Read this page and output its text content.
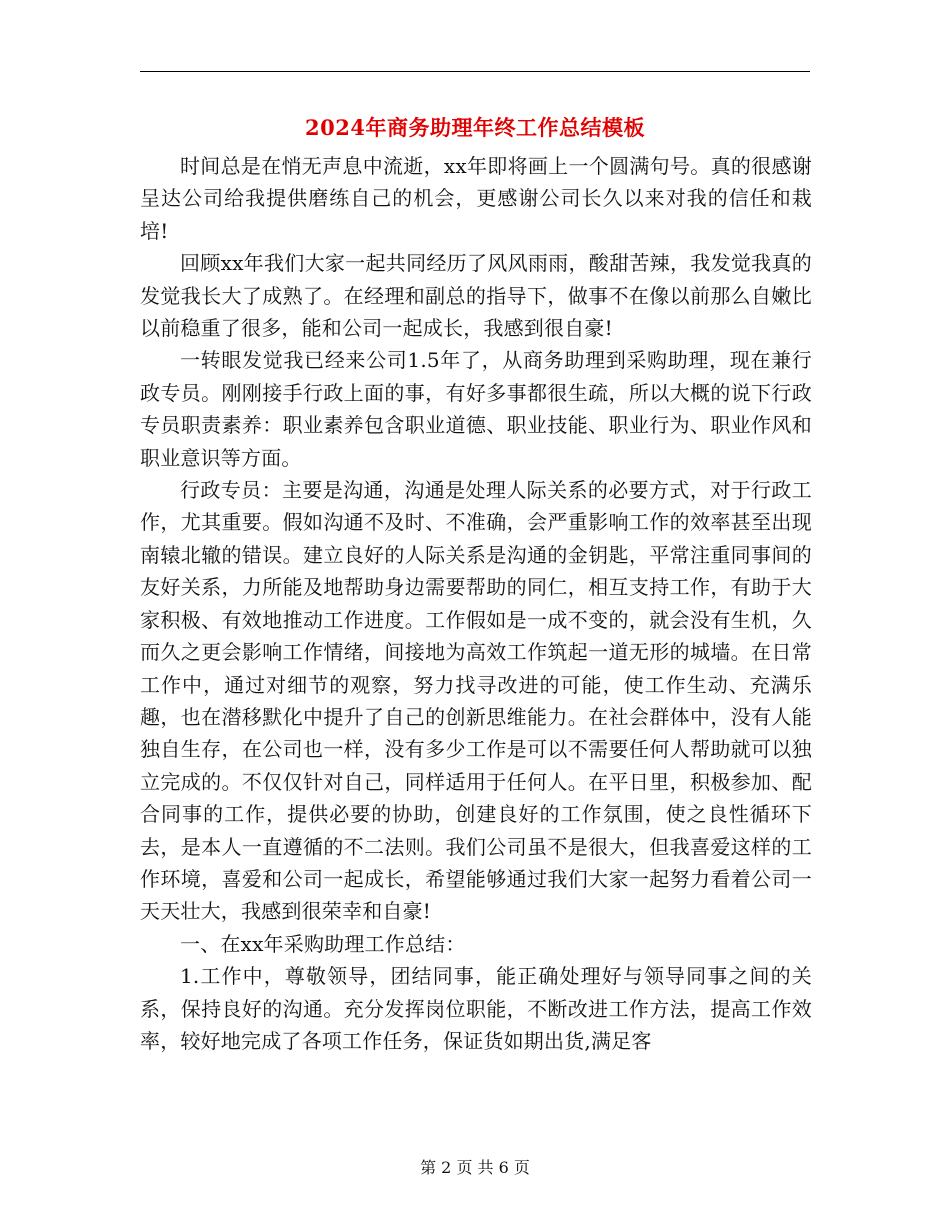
2024年商务助理年终工作总结模板

时间总是在悄无声息中流逝，xx年即将画上一个圆满句号。真的很感谢呈达公司给我提供磨练自己的机会，更感谢公司长久以来对我的信任和栽培!

回顾xx年我们大家一起共同经历了风风雨雨，酸甜苦辣，我发觉我真的发觉我长大了成熟了。在经理和副总的指导下，做事不在像以前那么自嫩比以前稳重了很多，能和公司一起成长，我感到很自豪!

一转眼发觉我已经来公司1.5年了，从商务助理到采购助理，现在兼行政专员。刚刚接手行政上面的事，有好多事都很生疏，所以大概的说下行政专员职责素养：职业素养包含职业道德、职业技能、职业行为、职业作风和职业意识等方面。

行政专员：主要是沟通，沟通是处理人际关系的必要方式，对于行政工作，尤其重要。假如沟通不及时、不准确，会严重影响工作的效率甚至出现南辕北辙的错误。建立良好的人际关系是沟通的金钥匙，平常注重同事间的友好关系，力所能及地帮助身边需要帮助的同仁，相互支持工作，有助于大家积极、有效地推动工作进度。工作假如是一成不变的，就会没有生机，久而久之更会影响工作情绪，间接地为高效工作筑起一道无形的城墙。在日常工作中，通过对细节的观察，努力找寻改进的可能，使工作生动、充满乐趣，也在潜移默化中提升了自己的创新思维能力。在社会群体中，没有人能独自生存，在公司也一样，没有多少工作是可以不需要任何人帮助就可以独立完成的。不仅仅针对自己，同样适用于任何人。在平日里，积极参加、配合同事的工作，提供必要的协助，创建良好的工作氛围，使之良性循环下去，是本人一直遵循的不二法则。我们公司虽不是很大，但我喜爱这样的工作环境，喜爱和公司一起成长，希望能够通过我们大家一起努力看着公司一天天壮大，我感到很荣幸和自豪!

一、在xx年采购助理工作总结：

1.工作中，尊敬领导，团结同事，能正确处理好与领导同事之间的关系，保持良好的沟通。充分发挥岗位职能，不断改进工作方法，提高工作效率，较好地完成了各项工作任务，保证货如期出货,满足客

第 2 页 共 6 页
